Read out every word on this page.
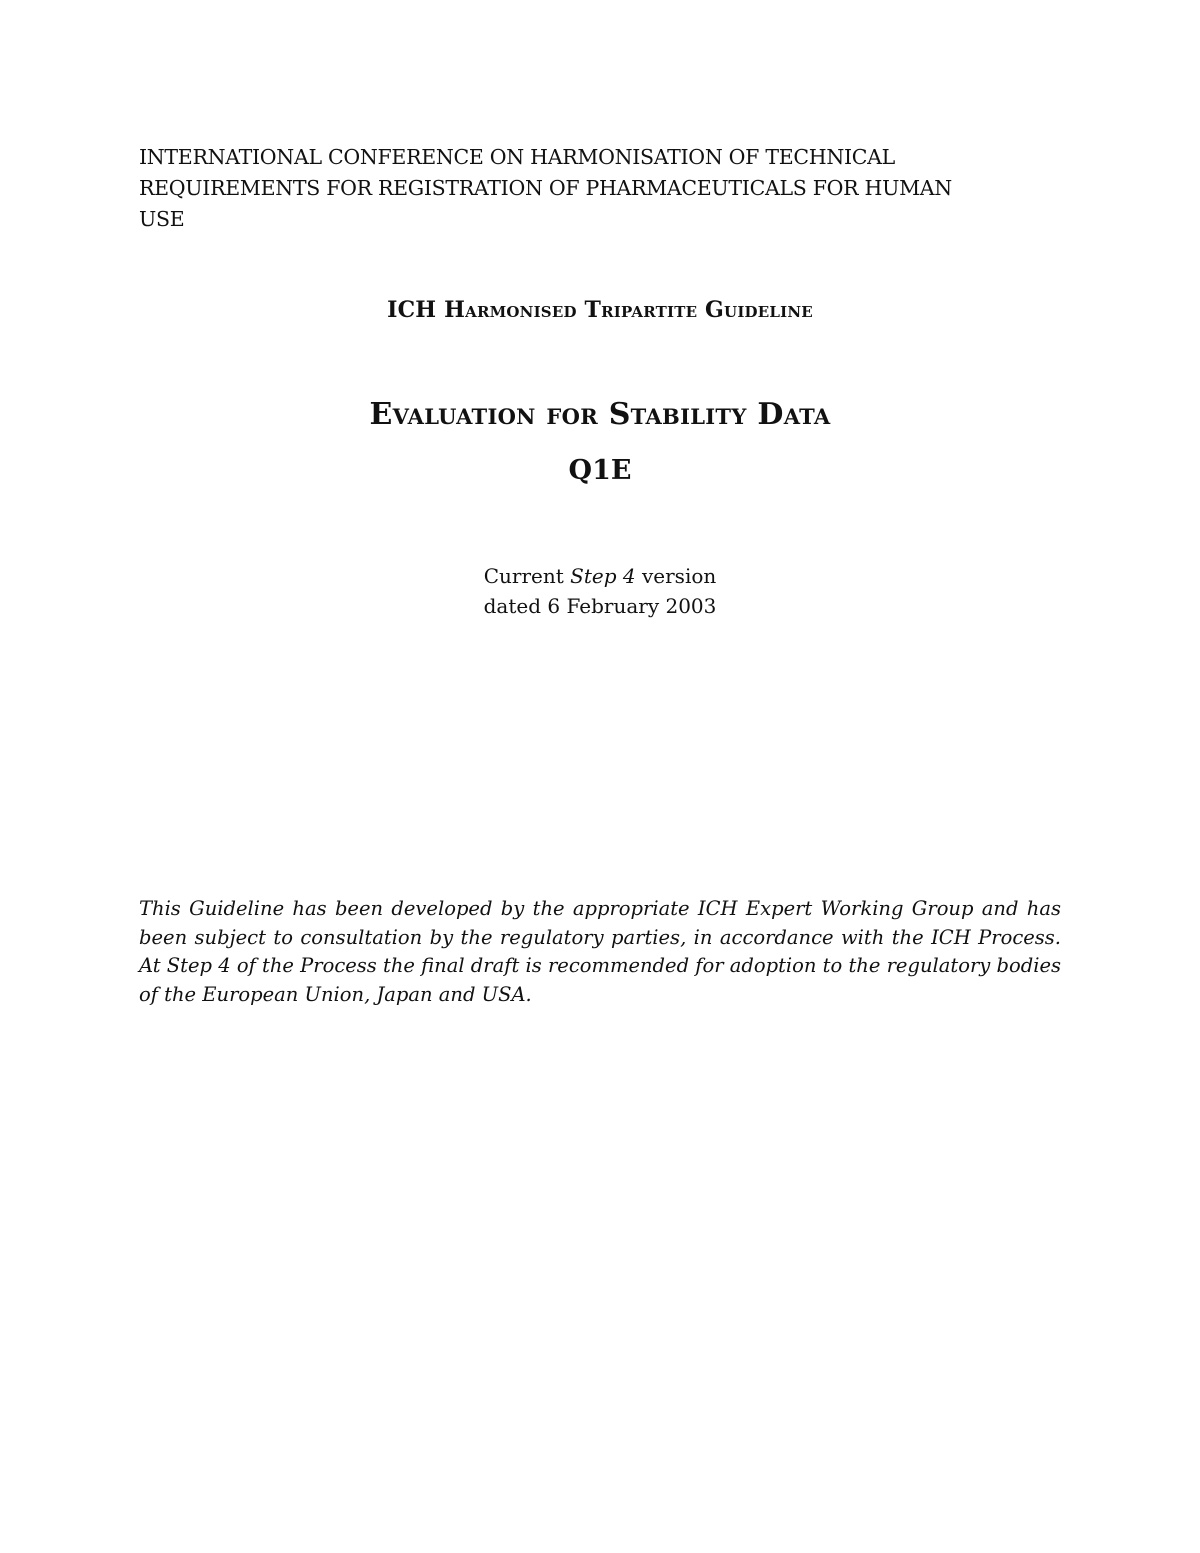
INTERNATIONAL CONFERENCE ON HARMONISATION OF TECHNICAL
REQUIREMENTS FOR REGISTRATION OF PHARMACEUTICALS FOR HUMAN
USE
ICH Harmonised Tripartite Guideline
Evaluation for Stability Data
Q1E
Current Step 4 version
dated 6 February 2003
This Guideline has been developed by the appropriate ICH Expert Working Group and has been subject to consultation by the regulatory parties, in accordance with the ICH Process. At Step 4 of the Process the final draft is recommended for adoption to the regulatory bodies of the European Union, Japan and USA.
